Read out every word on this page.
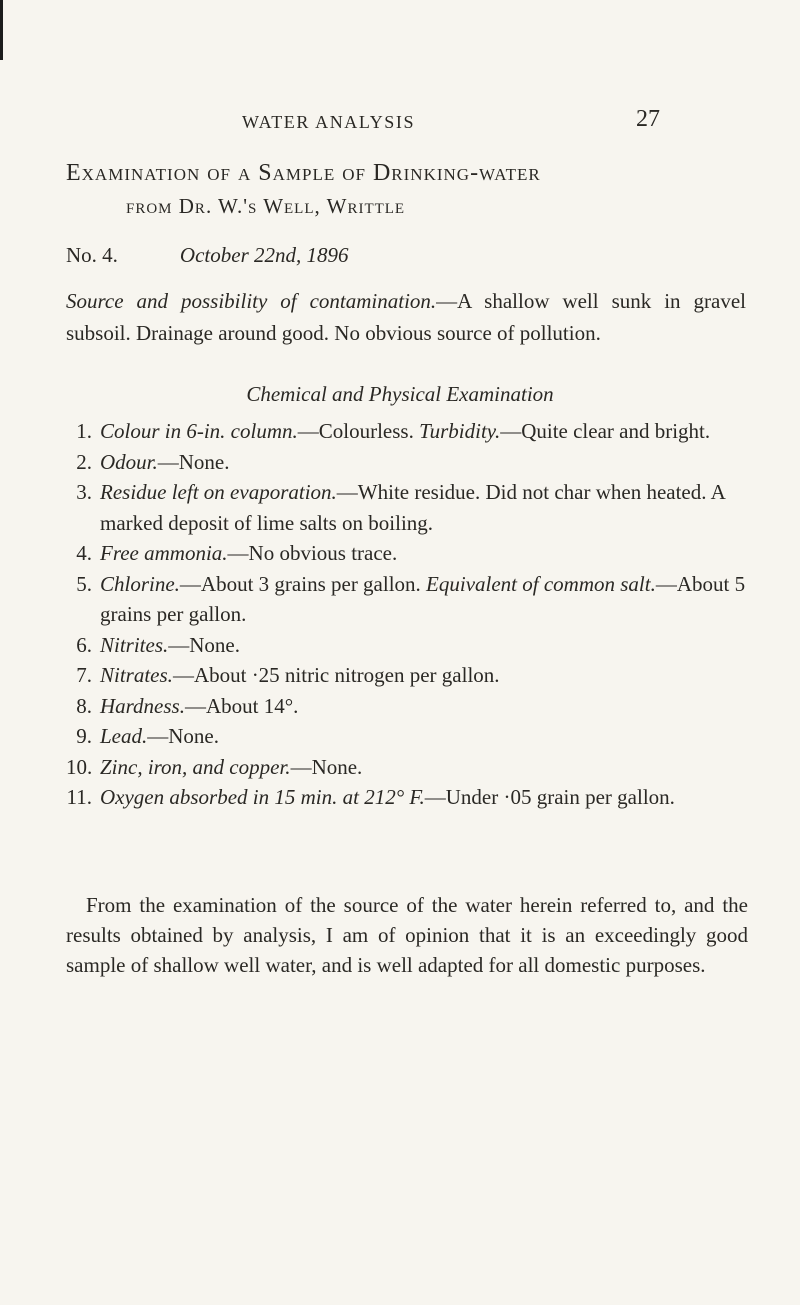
WATER ANALYSIS	27
Examination of a Sample of Drinking-water
from Dr. W.'s Well, Writtle
No. 4.	October 22nd, 1896
Source and possibility of contamination.—A shallow well sunk in gravel subsoil. Drainage around good. No obvious source of pollution.
Chemical and Physical Examination
1. Colour in 6-in. column.—Colourless. Turbidity.—Quite clear and bright.
2. Odour.—None.
3. Residue left on evaporation.—White residue. Did not char when heated. A marked deposit of lime salts on boiling.
4. Free ammonia.—No obvious trace.
5. Chlorine.—About 3 grains per gallon. Equivalent of common salt.—About 5 grains per gallon.
6. Nitrites.—None.
7. Nitrates.—About ·25 nitric nitrogen per gallon.
8. Hardness.—About 14°.
9. Lead.—None.
10. Zinc, iron, and copper.—None.
11. Oxygen absorbed in 15 min. at 212° F.—Under ·05 grain per gallon.
From the examination of the source of the water herein referred to, and the results obtained by analysis, I am of opinion that it is an exceedingly good sample of shallow well water, and is well adapted for all domestic purposes.
